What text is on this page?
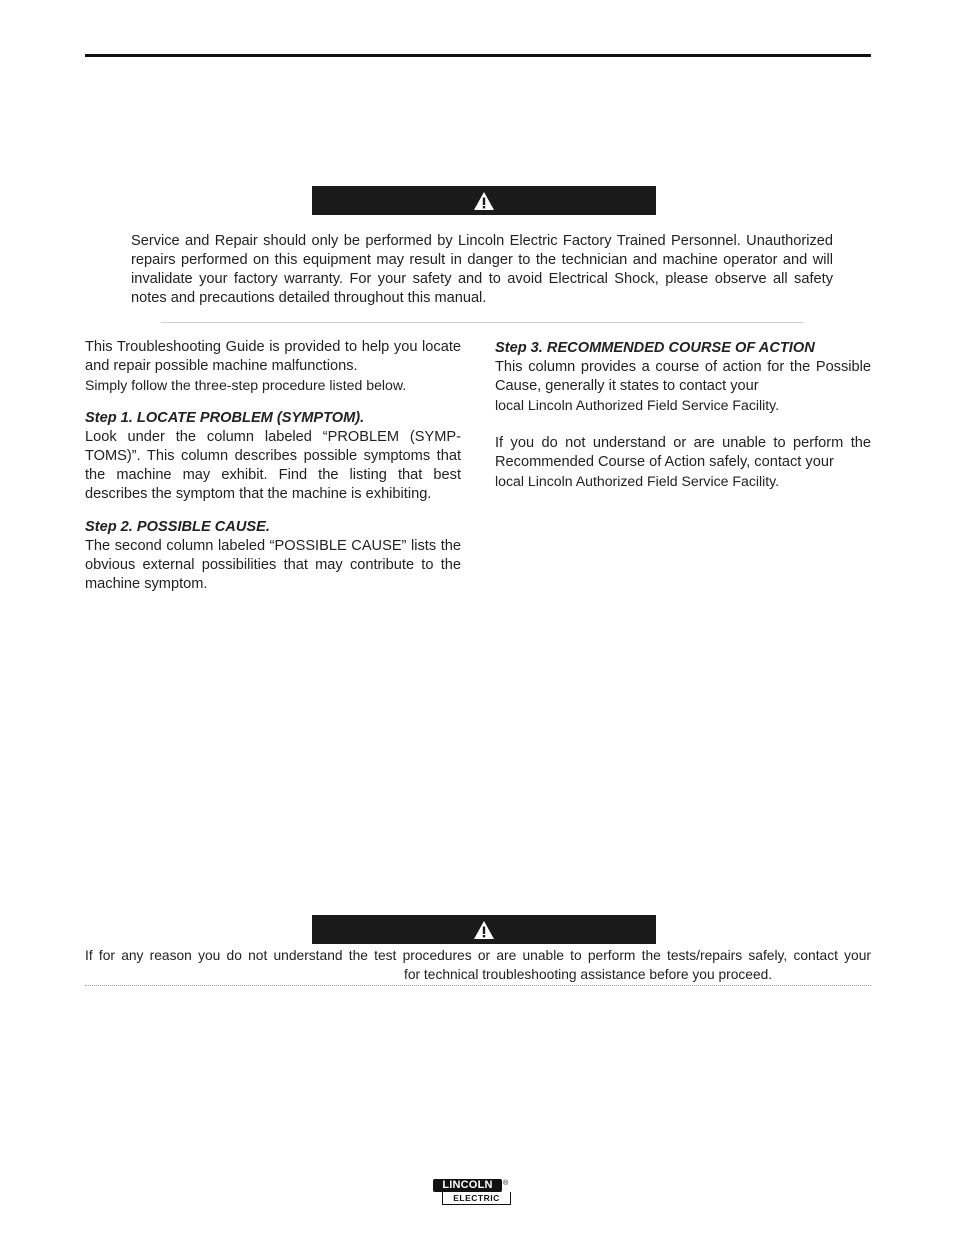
Service and Repair should only be performed by Lincoln Electric Factory Trained Personnel. Unauthorized repairs performed on this equipment may result in danger to the technician and machine operator and will invalidate your factory warranty. For your safety and to avoid Electrical Shock, please observe all safety notes and precautions detailed throughout this manual.

This Troubleshooting Guide is provided to help you locate and repair possible machine malfunctions.

Simply follow the three-step procedure listed below.

Step 1. LOCATE PROBLEM (SYMPTOM).

Look under the column labeled “PROBLEM (SYMP-TOMS)”. This column describes possible symptoms that the machine may exhibit. Find the listing that best describes the symptom that the machine is exhibiting.

Step 2. POSSIBLE CAUSE.

The second column labeled “POSSIBLE CAUSE” lists the obvious external possibilities that may contribute to the machine symptom.

Step 3. RECOMMENDED COURSE OF ACTION

This column provides a course of action for the Possible Cause, generally it states to contact your

local Lincoln Authorized Field Service Facility.

If you do not understand or are unable to perform the Recommended Course of Action safely, contact your

local Lincoln Authorized Field Service Facility.

If for any reason you do not understand the test procedures or are unable to perform the tests/repairs safely, contact your
for technical troubleshooting assistance before you proceed.
LINCOLN
ELECTRIC
®
